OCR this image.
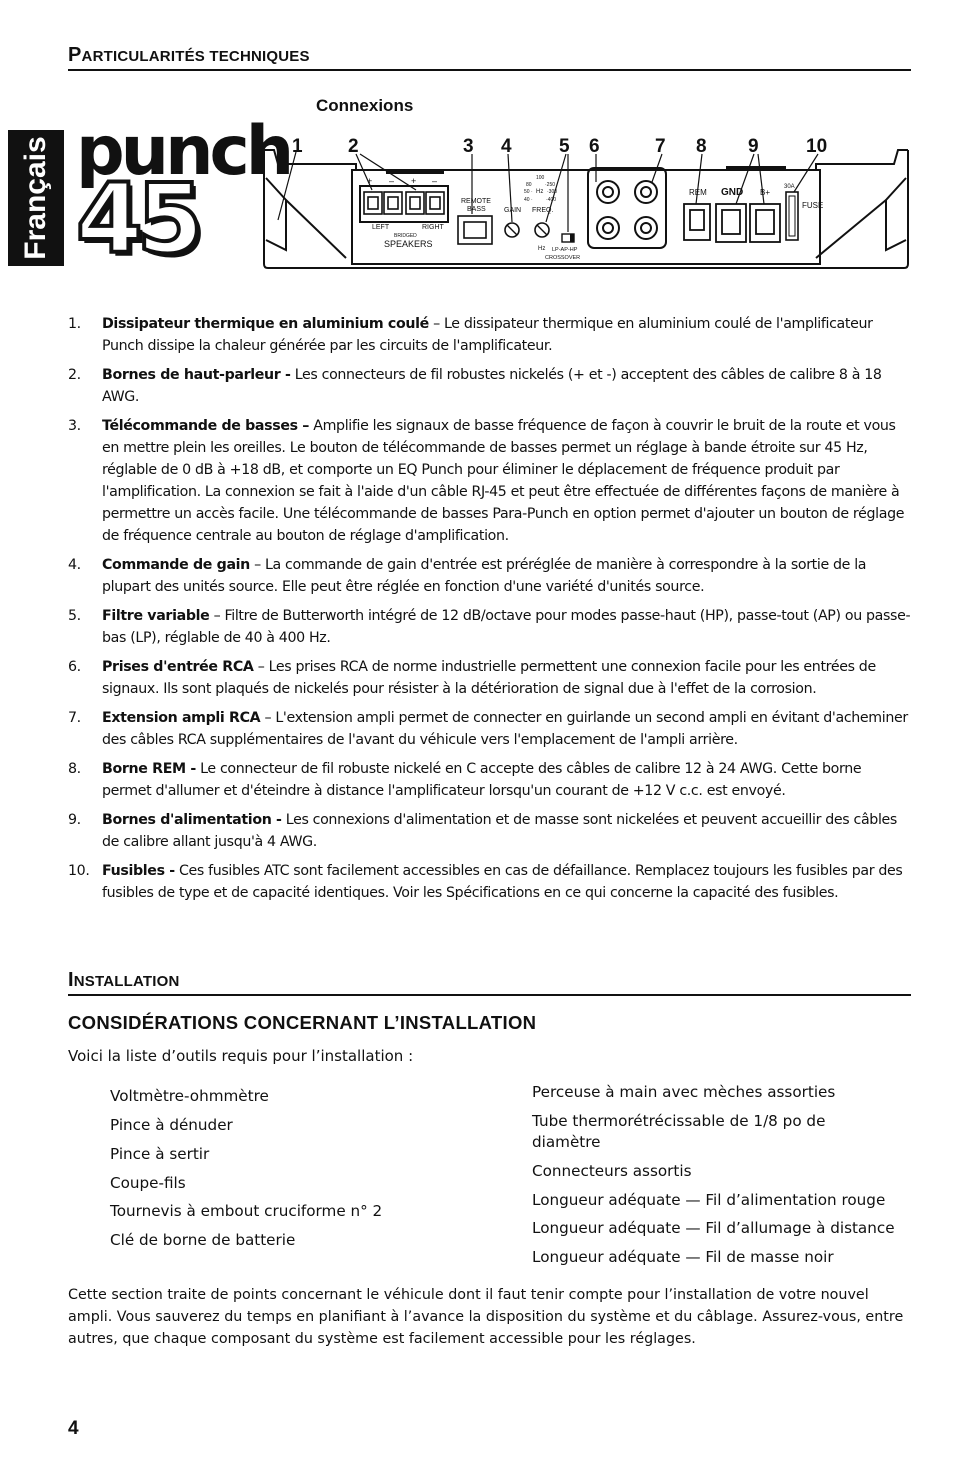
PARTICULARITÉS TECHNIQUES
Français punch
45
Connexions
1 2	3 4 5 6	7 8 9 10
+ – + –
LEFT	RIGHT
BRIDGED
SPEAKERS
REMOTE
BASS	GAIN FREQ.
100
80	·250
50 · Hz ·300
40 ·	·400
Hz LP-AP-HP
CROSSOVER
REM GND B+
30A
FUSE
1. Dissipateur thermique en aluminium coulé – Le dissipateur thermique en aluminium coulé de l'amplificateur Punch dissipe la chaleur générée par les circuits de l'amplificateur.
2. Bornes de haut-parleur - Les connecteurs de fil robustes nickelés (+ et -) acceptent des câbles de calibre 8 à 18 AWG.
3. Télécommande de basses – Amplifie les signaux de basse fréquence de façon à couvrir le bruit de la route et vous en mettre plein les oreilles. Le bouton de télécommande de basses permet un réglage à bande étroite sur 45 Hz, réglable de 0 dB à +18 dB, et comporte un EQ Punch pour éliminer le déplacement de fréquence produit par l'amplification. La connexion se fait à l'aide d'un câble RJ-45 et peut être effectuée de différentes façons de manière à permettre un accès facile. Une télécommande de basses Para-Punch en option permet d'ajouter un bouton de réglage de fréquence centrale au bouton de réglage d'amplification.
4. Commande de gain – La commande de gain d'entrée est préréglée de manière à correspondre à la sortie de la plupart des unités source. Elle peut être réglée en fonction d'une variété d'unités source.
5. Filtre variable – Filtre de Butterworth intégré de 12 dB/octave pour modes passe-haut (HP), passe-tout (AP) ou passe-bas (LP), réglable de 40 à 400 Hz.
6. Prises d'entrée RCA – Les prises RCA de norme industrielle permettent une connexion facile pour les entrées de signaux. Ils sont plaqués de nickelés pour résister à la détérioration de signal due à l'effet de la corrosion.
7. Extension ampli RCA – L'extension ampli permet de connecter en guirlande un second ampli en évitant d'acheminer des câbles RCA supplémentaires de l'avant du véhicule vers l'emplacement de l'ampli arrière.
8. Borne REM - Le connecteur de fil robuste nickelé en C accepte des câbles de calibre 12 à 24 AWG. Cette borne permet d'allumer et d'éteindre à distance l'amplificateur lorsqu'un courant de +12 V c.c. est envoyé.
9. Bornes d'alimentation - Les connexions d'alimentation et de masse sont nickelées et peuvent accueillir des câbles de calibre allant jusqu'à 4 AWG.
10. Fusibles - Ces fusibles ATC sont facilement accessibles en cas de défaillance. Remplacez toujours les fusibles par des fusibles de type et de capacité identiques. Voir les Spécifications en ce qui concerne la capacité des fusibles.
INSTALLATION
CONSIDÉRATIONS CONCERNANT L’INSTALLATION
Voici la liste d’outils requis pour l’installation :
Voltmètre-ohmmètre
Pince à dénuder
Pince à sertir
Coupe-fils
Tournevis à embout cruciforme n° 2
Clé de borne de batterie
Perceuse à main avec mèches assorties
Tube thermorétrécissable de 1/8 po de
diamètre
Connecteurs assortis
Longueur adéquate — Fil d’alimentation rouge
Longueur adéquate — Fil d’allumage à distance
Longueur adéquate — Fil de masse noir
Cette section traite de points concernant le véhicule dont il faut tenir compte pour l’installation de votre nouvel ampli. Vous sauverez du temps en planifiant à l’avance la disposition du système et du câblage. Assurez-vous, entre autres, que chaque composant du système est facilement accessible pour les réglages.
4
